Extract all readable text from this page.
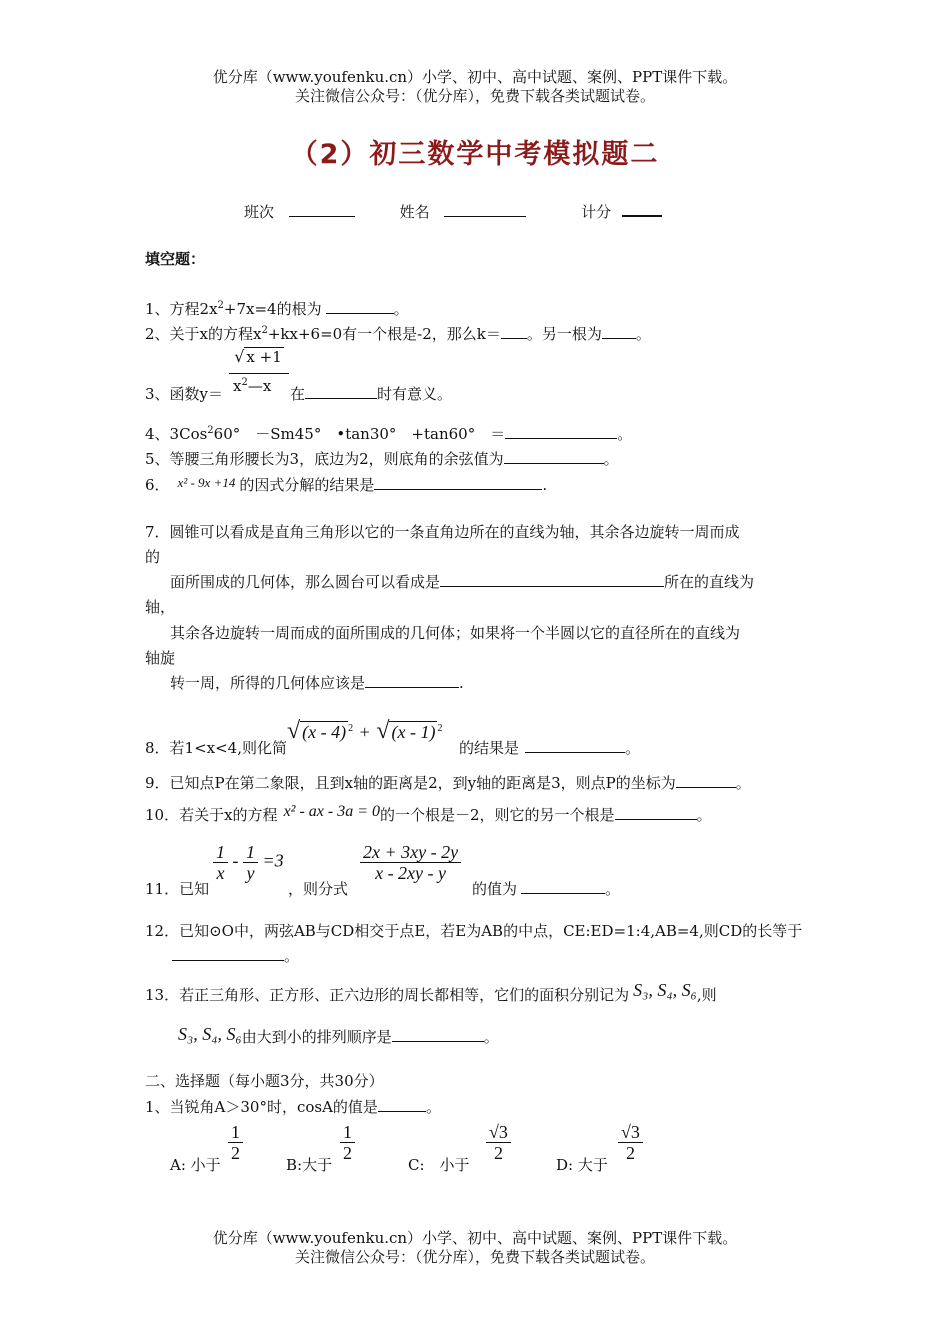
优分库（www.youfenku.cn）小学、初中、高中试题、案例、PPT课件下载。
关注微信公众号：（优分库），免费下载各类试题试卷。
（2）初三数学中考模拟题二
班次	姓名	计分
填空题：
1、方程$2x^2+7x=4$的根为	。
2、关于x的方程$x^2+kx+6=0$有一个根是-2，那么k＝ 。另一根为 。
3、函数y＝
√ x +1
$x^2—x$ 在	时有意义。
4、3Cos$^2$60°　－Sm45°　•tan30°　+tan60°　＝	。
5、等腰三角形腰长为3，底边为2，则底角的余弦值为	。
6． x² - 9x +14 的因式分解的结果是	.
7．圆锥可以看成是直角三角形以它的一条直角边所在的直线为轴，其余各边旋转一周而成
的
面所围成的几何体，那么圆台可以看成是	所在的直线为
轴，
其余各边旋转一周而成的面所围成的几何体；如果将一个半圆以它的直径所在的直线为
轴旋
转一周，所得的几何体应该是	.
8．若1<x<4,则化简
√ (x - 4) $^2$ + √ (x - 1) $^2$
的结果是	。
9．已知点P在第二象限，且到x轴的距离是2，到y轴的距离是3，则点P的坐标为	。
10．若关于x的方程 x² - ax - 3a = 0的一个根是－2，则它的另一个根是	。
11．已知
$\frac{1}{x} - \frac{1}{y} =3$
，则分式
$\frac{2x + 3xy - 2y}{x - 2xy - y}$
的值为	。
12．已知⊙O中，两弦AB与CD相交于点E，若E为AB的中点，CE:ED=1:4,AB=4,则CD的长等于
。
13．若正三角形、正方形、正六边形的周长都相等，它们的面积分别记为 S₃, S₄, S₆,则
S₃, S₄, S₆由大到小的排列顺序是	。
二、选择题（每小题3分，共30分）
1、当锐角A＞30°时，cosA的值是	。
A: 小于
$\frac{1}{2}$
B:大于
$\frac{1}{2}$
C:　小于
$\frac{√3}{2}$
D: 大于
$\frac{√3}{2}$
优分库（www.youfenku.cn）小学、初中、高中试题、案例、PPT课件下载。
关注微信公众号：（优分库），免费下载各类试题试卷。
